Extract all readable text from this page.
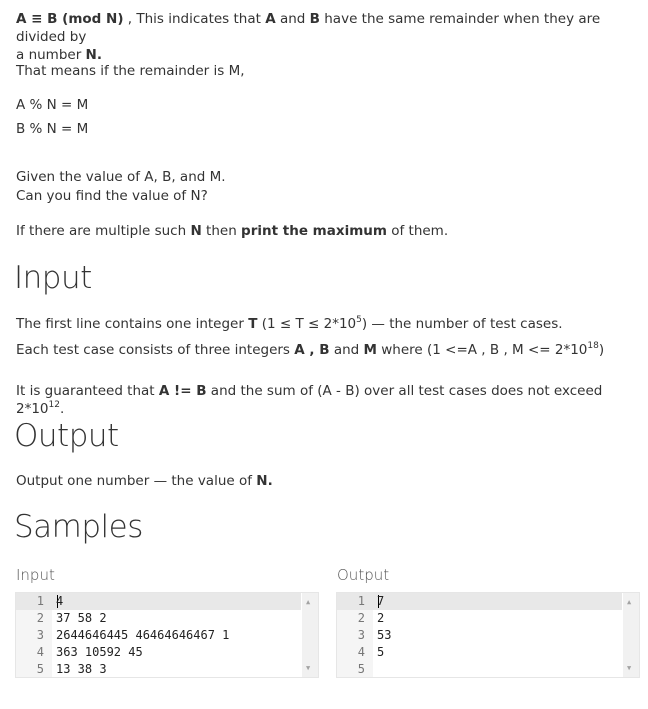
A ≡ B (mod N) , This indicates that A and B have the same remainder when they are divided by
a number N.
That means if the remainder is M,
A % N = M
B % N = M
Given the value of A, B, and M.
Can you find the value of N?
If there are multiple such N then print the maximum of them.
Input
The first line contains one integer T $(1 \le T \le 2*10^5)$ — the number of test cases.
Each test case consists of three integers A , B and M where (1 <=A , B , $M <= 2*10^{18}$)
It is guaranteed that A != B and the sum of (A - B) over all test cases does not exceed $2*10^{12}$.
Output
Output one number — the value of N.
Samples
Input	Output
1 4
2 37 58 2
3 2644646445 46464646467 1
4 363 10592 45
5 13 38 3
▲
▼
1 7
2 2
3 53
4 5
5
▲
▼
